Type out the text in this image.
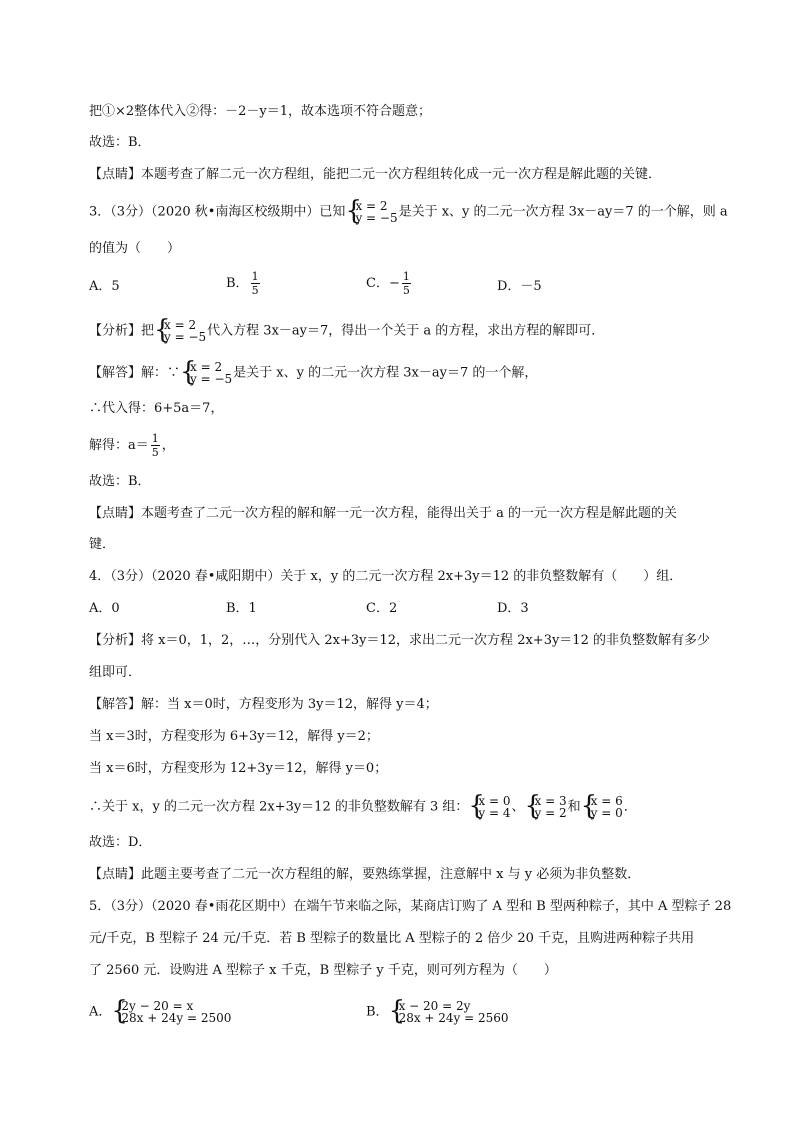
把①×2整体代入②得：－2－y＝1，故本选项不符合题意；
故选：B．
【点睛】本题考查了解二元一次方程组，能把二元一次方程组转化成一元一次方程是解此题的关键．
3．（3分）（2020 秋•南海区校级期中）已知 { x = 2
y = −5 是关于 x、y 的二元一次方程 3x－ay＝7 的一个解，则 a
的值为（　　）
A．5	B． $\frac{1}{5}$	C．− $\frac{1}{5}$	D．－5
【分析】把 { x = 2
y = −5 代入方程 3x－ay＝7，得出一个关于 a 的方程，求出方程的解即可．
【解答】解：∵ { x = 2
y = −5 是关于 x、y 的二元一次方程 3x－ay＝7 的一个解，
∴代入得：6+5a＝7，
解得：$a= \frac{1}{5}$ ，
故选：B．
【点睛】本题考查了二元一次方程的解和解一元一次方程，能得出关于 a 的一元一次方程是解此题的关
键．
4．（3分）（2020 春•咸阳期中）关于 x，y 的二元一次方程 2x+3y＝12 的非负整数解有（　　）组．
A．0	B．1	C．2	D．3
【分析】将 x＝0，1，2，…，分别代入 2x+3y＝12，求出二元一次方程 2x+3y＝12 的非负整数解有多少
组即可．
【解答】解：当 x＝0时，方程变形为 3y＝12，解得 y＝4；
当 x＝3时，方程变形为 6+3y＝12，解得 y＝2；
当 x＝6时，方程变形为 12+3y＝12，解得 y＝0；
∴关于 x，y 的二元一次方程 2x+3y＝12 的非负整数解有 3 组： { x = 0
y = 4 、 { x = 3
y = 2 和 { x = 6
y = 0 ．
故选：D．
【点睛】此题主要考查了二元一次方程组的解，要熟练掌握，注意解中 x 与 y 必须为非负整数．
5．（3分）（2020 春•雨花区期中）在端午节来临之际，某商店订购了 A 型和 B 型两种粽子，其中 A 型粽子 28
元/千克，B 型粽子 24 元/千克．若 B 型粽子的数量比 A 型粽子的 2 倍少 20 千克，且购进两种粽子共用
了 2560 元．设购进 A 型粽子 x 千克，B 型粽子 y 千克，则可列方程为（　　）
A． { 2y − 20 = x
28x + 24y = 2500	B． { x − 20 = 2y
28x + 24y = 2560
